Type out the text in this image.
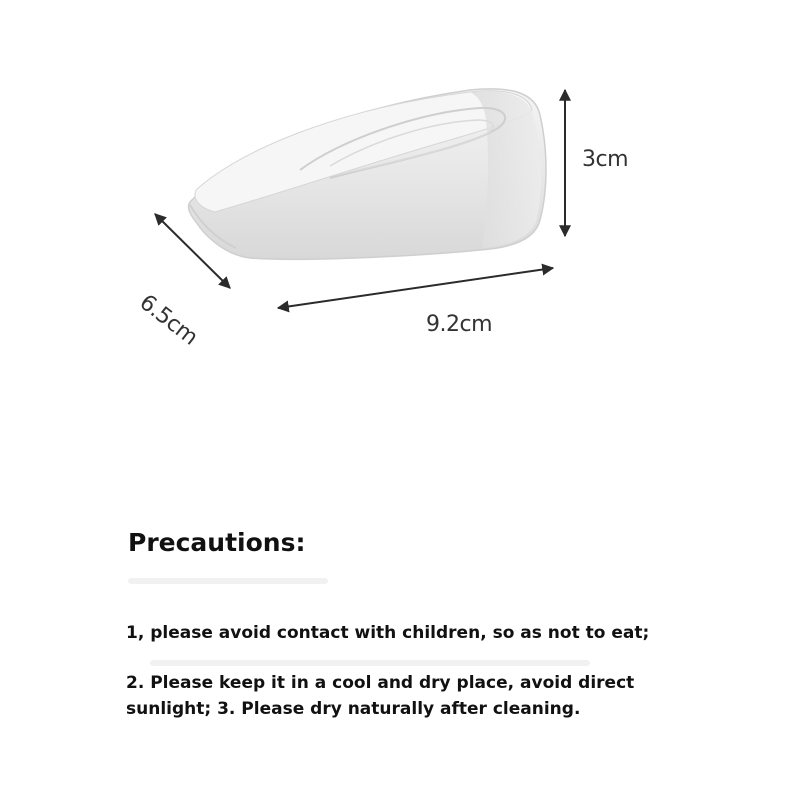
3cm
6.5cm	9.2cm
Precautions:

1, please avoid contact with children, so as not to eat;

2. Please keep it in a cool and dry place, avoid direct sunlight; 3. Please dry naturally after cleaning.
